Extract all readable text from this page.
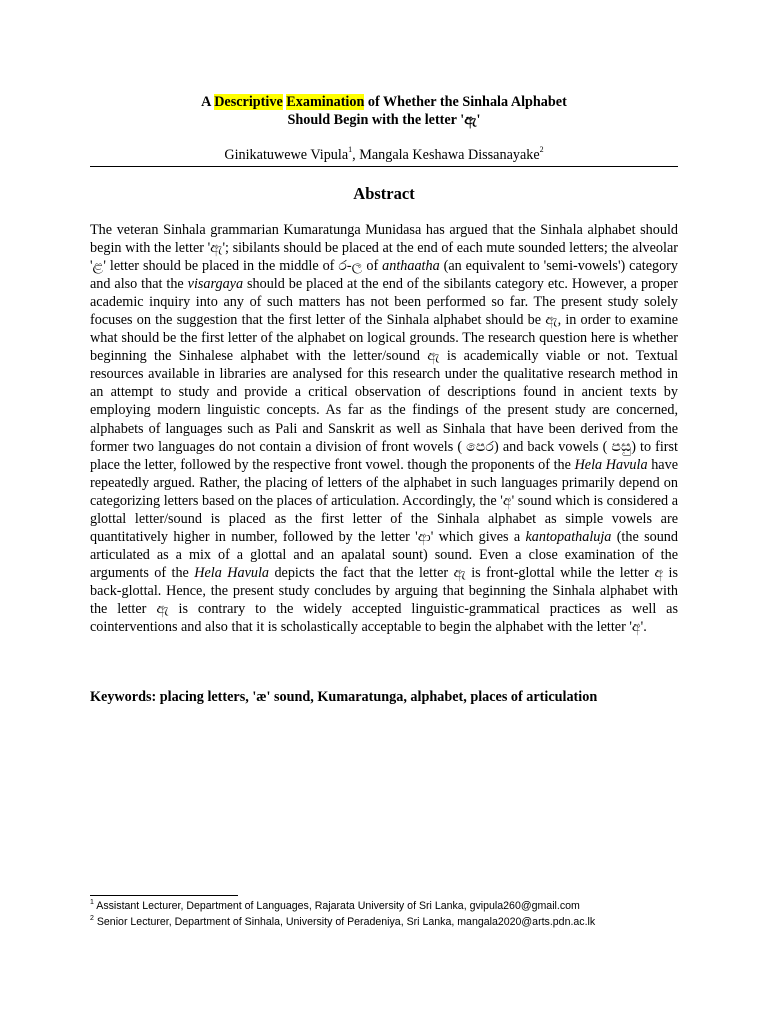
A Descriptive Examination of Whether the Sinhala Alphabet
Should Begin with the letter 'ඇ'
Ginikatuwewe Vipula$^1$, Mangala Keshawa Dissanayake$^2$
Abstract

The veteran Sinhala grammarian Kumaratunga Munidasa has argued that the Sinhala alphabet should begin with the letter 'ඇ'; sibilants should be placed at the end of each mute sounded letters; the alveolar 'ළ' letter should be placed in the middle of ර-ල of anthaatha (an equivalent to 'semi-vowels') category and also that the visargaya should be placed at the end of the sibilants category etc. However, a proper academic inquiry into any of such matters has not been performed so far. The present study solely focuses on the suggestion that the first letter of the Sinhala alphabet should be ඇ, in order to examine what should be the first letter of the alphabet on logical grounds. The research question here is whether beginning the Sinhalese alphabet with the letter/sound ඇ is academically viable or not. Textual resources available in libraries are analysed for this research under the qualitative research method in an attempt to study and provide a critical observation of descriptions found in ancient texts by employing modern linguistic concepts. As far as the findings of the present study are concerned, alphabets of languages such as Pali and Sanskrit as well as Sinhala that have been derived from the former two languages do not contain a division of front wovels ( පෙර) and back vowels ( පසු) to first place the letter, followed by the respective front vowel. though the proponents of the Hela Havula have repeatedly argued. Rather, the placing of letters of the alphabet in such languages primarily depend on categorizing letters based on the places of articulation. Accordingly, the 'අ' sound which is considered a glottal letter/sound is placed as the first letter of the Sinhala alphabet as simple vowels are quantitatively higher in number, followed by the letter 'ආ' which gives a kantopathaluja (the sound articulated as a mix of a glottal and an apalatal sount) sound. Even a close examination of the arguments of the Hela Havula depicts the fact that the letter ඇ is front-glottal while the letter අ is back-glottal. Hence, the present study concludes by arguing that beginning the Sinhala alphabet with the letter ඇ is contrary to the widely accepted linguistic-grammatical practices as well as cointerventions and also that it is scholastically acceptable to begin the alphabet with the letter 'අ'.

Keywords: placing letters, 'æ' sound, Kumaratunga, alphabet, places of articulation

$^1$ Assistant Lecturer, Department of Languages, Rajarata University of Sri Lanka, gvipula260@gmail.com
$^2$ Senior Lecturer, Department of Sinhala, University of Peradeniya, Sri Lanka, mangala2020@arts.pdn.ac.lk
